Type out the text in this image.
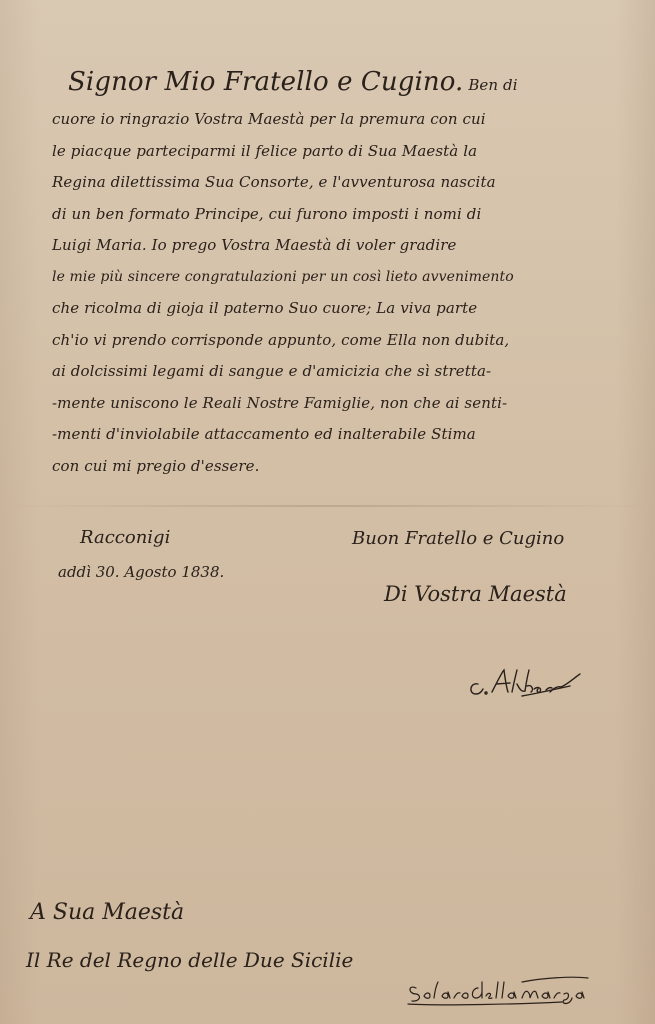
Signor Mio Fratello e Cugino. Ben di
cuore io ringrazio Vostra Maestà per la premura con cui
le piacque parteciparmi il felice parto di Sua Maestà la
Regina dilettissima Sua Consorte, e l'avventurosa nascita
di un ben formato Principe, cui furono imposti i nomi di
Luigi Maria. Io prego Vostra Maestà di voler gradire
le mie più sincere congratulazioni per un così lieto avvenimento
che ricolma di gioja il paterno Suo cuore; La viva parte
ch'io vi prendo corrisponde appunto, come Ella non dubita,
ai dolcissimi legami di sangue e d'amicizia che sì stretta-
-mente uniscono le Reali Nostre Famiglie, non che ai senti-
-menti d'inviolabile attaccamento ed inalterabile Stima
con cui mi pregio d'essere.
Racconigi
addì 30. Agosto 1838.
Buon Fratello e Cugino
Di Vostra Maestà
A Sua Maestà
Il Re del Regno delle Due Sicilie
